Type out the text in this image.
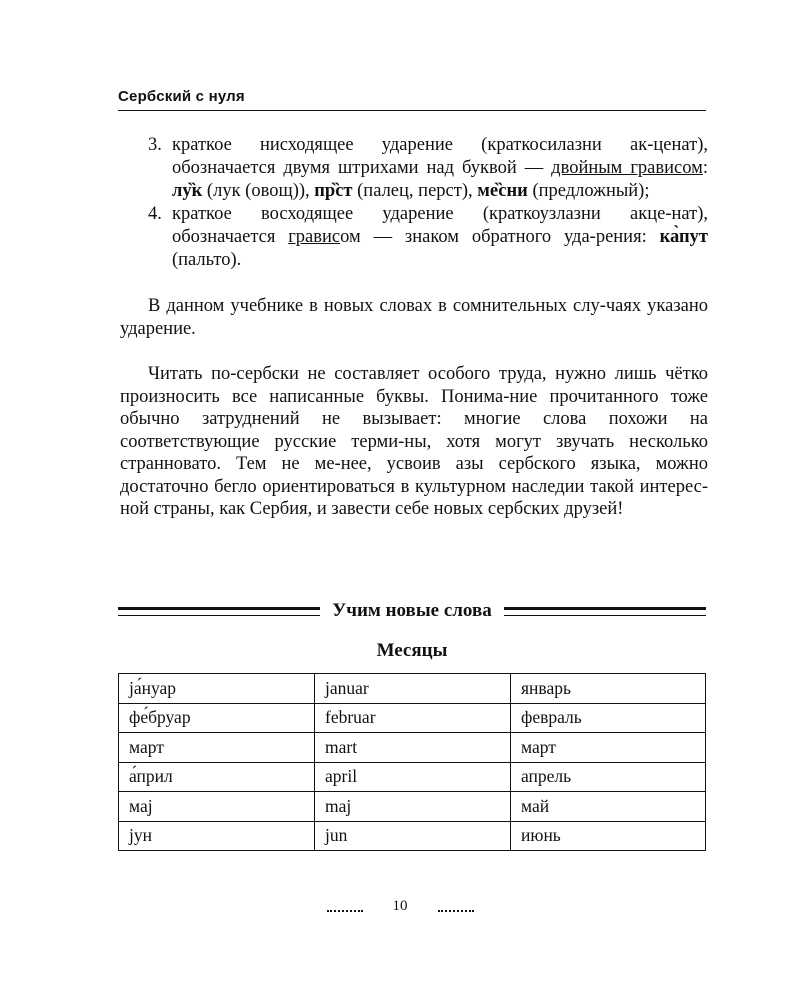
Сербский с нуля
3. краткое нисходящее ударение (краткосилазни ак-ценат), обозначается двумя штрихами над буквой — двойным грависом: лу̏к (лук (овощ)), пр̏ст (палец, перст), ме̏сни (предложный);
4. краткое восходящее ударение (краткоузлазни акце-нат), обозначается грависом — знаком обратного уда-рения: ка̀пут (пальто).

В данном учебнике в новых словах в сомнительных слу-чаях указано ударение.

Читать по-сербски не составляет особого труда, нужно лишь чётко произносить все написанные буквы. Понима-ние прочитанного тоже обычно затруднений не вызывает: многие слова похожи на соответствующие русские терми-ны, хотя могут звучать несколько странновато. Тем не ме-нее, усвоив азы сербского языка, можно достаточно бегло ориентироваться в культурном наследии такой интерес-ной страны, как Сербия, и завести себе новых сербских друзей!

Учим новые слова
Месяцы
ја́нуар	januar	январь
фе́бруар	februar	февраль
март	mart	март
а́прил	april	апрель
мај	maj	май
јун	jun	июнь
10
